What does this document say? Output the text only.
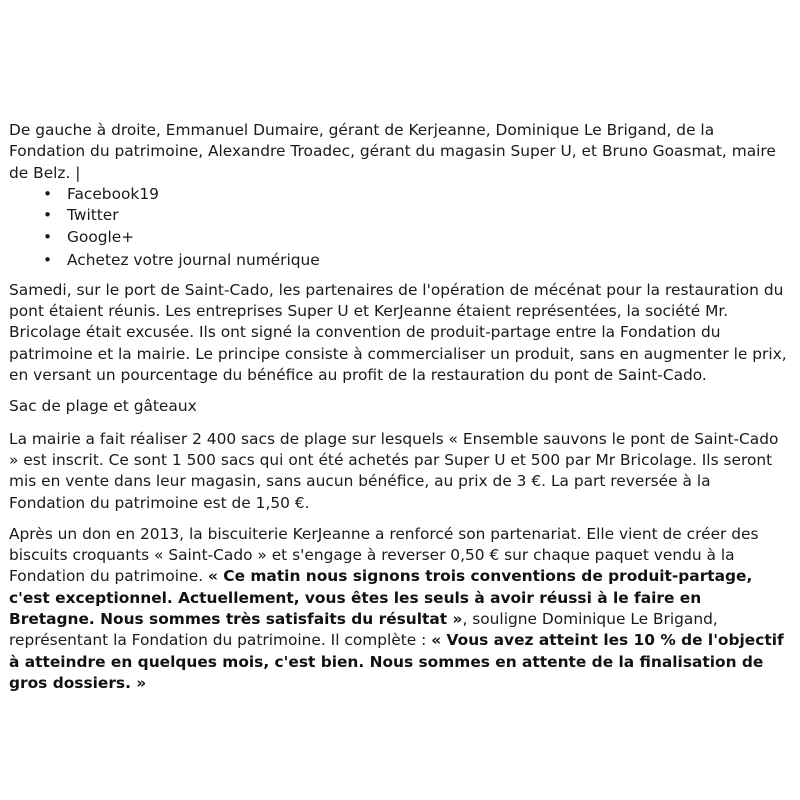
De gauche à droite, Emmanuel Dumaire, gérant de Kerjeanne, Dominique Le Brigand, de la Fondation du patrimoine, Alexandre Troadec, gérant du magasin Super U, et Bruno Goasmat, maire de Belz. |

• Facebook19
• Twitter
• Google+
• Achetez votre journal numérique

Samedi, sur le port de Saint-Cado, les partenaires de l'opération de mécénat pour la restauration du pont étaient réunis. Les entreprises Super U et KerJeanne étaient représentées, la société Mr. Bricolage était excusée. Ils ont signé la convention de produit-partage entre la Fondation du patrimoine et la mairie. Le principe consiste à commercialiser un produit, sans en augmenter le prix, en versant un pourcentage du bénéfice au profit de la restauration du pont de Saint-Cado.

Sac de plage et gâteaux

La mairie a fait réaliser 2 400 sacs de plage sur lesquels « Ensemble sauvons le pont de Saint-Cado » est inscrit. Ce sont 1 500 sacs qui ont été achetés par Super U et 500 par Mr Bricolage. Ils seront mis en vente dans leur magasin, sans aucun bénéfice, au prix de 3 €. La part reversée à la Fondation du patrimoine est de 1,50 €.

Après un don en 2013, la biscuiterie KerJeanne a renforcé son partenariat. Elle vient de créer des biscuits croquants « Saint-Cado » et s'engage à reverser 0,50 € sur chaque paquet vendu à la Fondation du patrimoine. « Ce matin nous signons trois conventions de produit-partage, c'est exceptionnel. Actuellement, vous êtes les seuls à avoir réussi à le faire en Bretagne. Nous sommes très satisfaits du résultat », souligne Dominique Le Brigand, représentant la Fondation du patrimoine. Il complète : « Vous avez atteint les 10 % de l'objectif à atteindre en quelques mois, c'est bien. Nous sommes en attente de la finalisation de gros dossiers. »
